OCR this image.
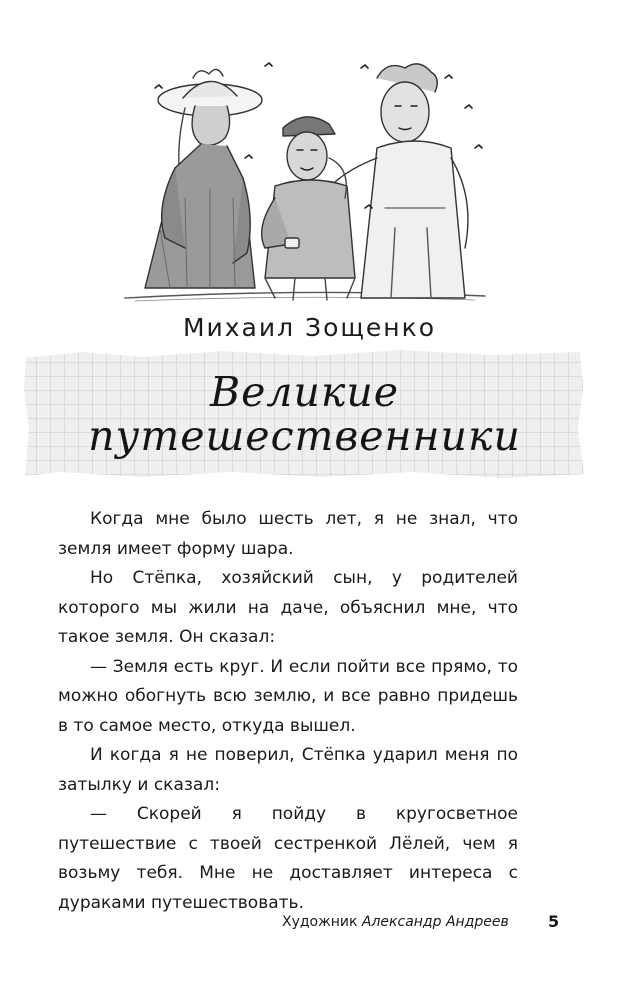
Михаил Зощенко
Великие
путешественники

Когда мне было шесть лет, я не знал, что земля имеет форму шара.

Но Стёпка, хозяйский сын, у родителей которого мы жили на даче, объяснил мне, что такое земля. Он сказал:

— Земля есть круг. И если пойти все прямо, то можно обогнуть всю землю, и все равно придешь в то самое место, откуда вышел.

И когда я не поверил, Стёпка ударил меня по затылку и сказал:

— Скорей я пойду в кругосветное путешествие с твоей сестренкой Лёлей, чем я возьму тебя. Мне не доставляет интереса с дураками путешествовать.

Художник Александр Андреев 5
